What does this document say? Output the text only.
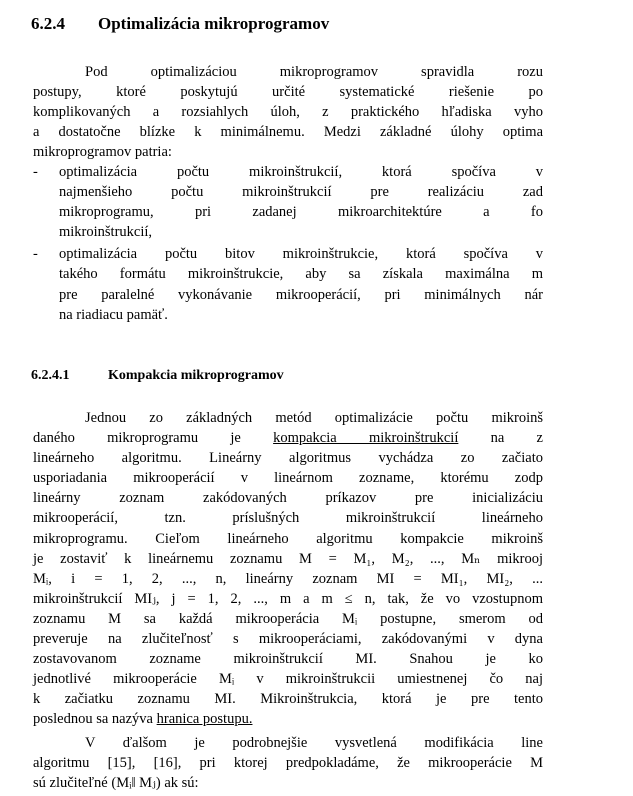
6.2.4 Optimalizácia mikroprogramov
Pod optimalizáciou mikroprogramov spravidla rozu
postupy, ktoré poskytujú určité systematické riešenie po
komplikovaných a rozsiahlych úloh, z praktického hľadiska vyho
a dostatočne blízke k minimálnemu. Medzi základné úlohy optima
mikroprogramov patria:
- optimalizácia počtu mikroinštrukcií, ktorá spočíva v
najmenšieho počtu mikroinštrukcií pre realizáciu zad
mikroprogramu, pri zadanej mikroarchitektúre a fo
mikroinštrukcií,
- optimalizácia počtu bitov mikroinštrukcie, ktorá spočíva v
takého formátu mikroinštrukcie, aby sa získala maximálna m
pre paralelné vykonávanie mikrooperácií, pri minimálnych nár
na riadiacu pamäť.
6.2.4.1	Kompakcia mikroprogramov
Jednou zo základných metód optimalizácie počtu mikroinš
daného mikroprogramu je kompakcia mikroinštrukcií na z
lineárneho algoritmu. Lineárny algoritmus vychádza zo začiato
usporiadania mikrooperácií v lineárnom zozname, ktorému zodp
lineárny zoznam zakódovaných príkazov pre inicializáciu
mikrooperácií, tzn. príslušných mikroinštrukcií lineárneho
mikroprogramu. Cieľom lineárneho algoritmu kompakcie mikroinš
je zostaviť k lineárnemu zoznamu M = M₁, M₂, ..., Mₙ mikrooj
Mᵢ, i = 1, 2, ..., n, lineárny zoznam MI = MI₁, MI₂, ...
mikroinštrukcií MIⱼ, j = 1, 2, ..., m a m ≤ n, tak, že vo vzostupnom
zoznamu M sa každá mikrooperácia Mᵢ postupne, smerom od
preveruje na zlučiteľnosť s mikrooperáciami, zakódovanými v dyna
zostavovanom zozname mikroinštrukcií MI. Snahou je ko
jednotlivé mikrooperácie Mᵢ v mikroinštrukcii umiestnenej čo naj
k začiatku zoznamu MI. Mikroinštrukcia, ktorá je pre tento
poslednou sa nazýva hranica postupu.
V ďalšom je podrobnejšie vysvetlená modifikácia line
algoritmu [15], [16], pri ktorej predpokladáme, že mikrooperácie M
sú zlučiteľné (Mᵢ‖ Mⱼ) ak sú:
